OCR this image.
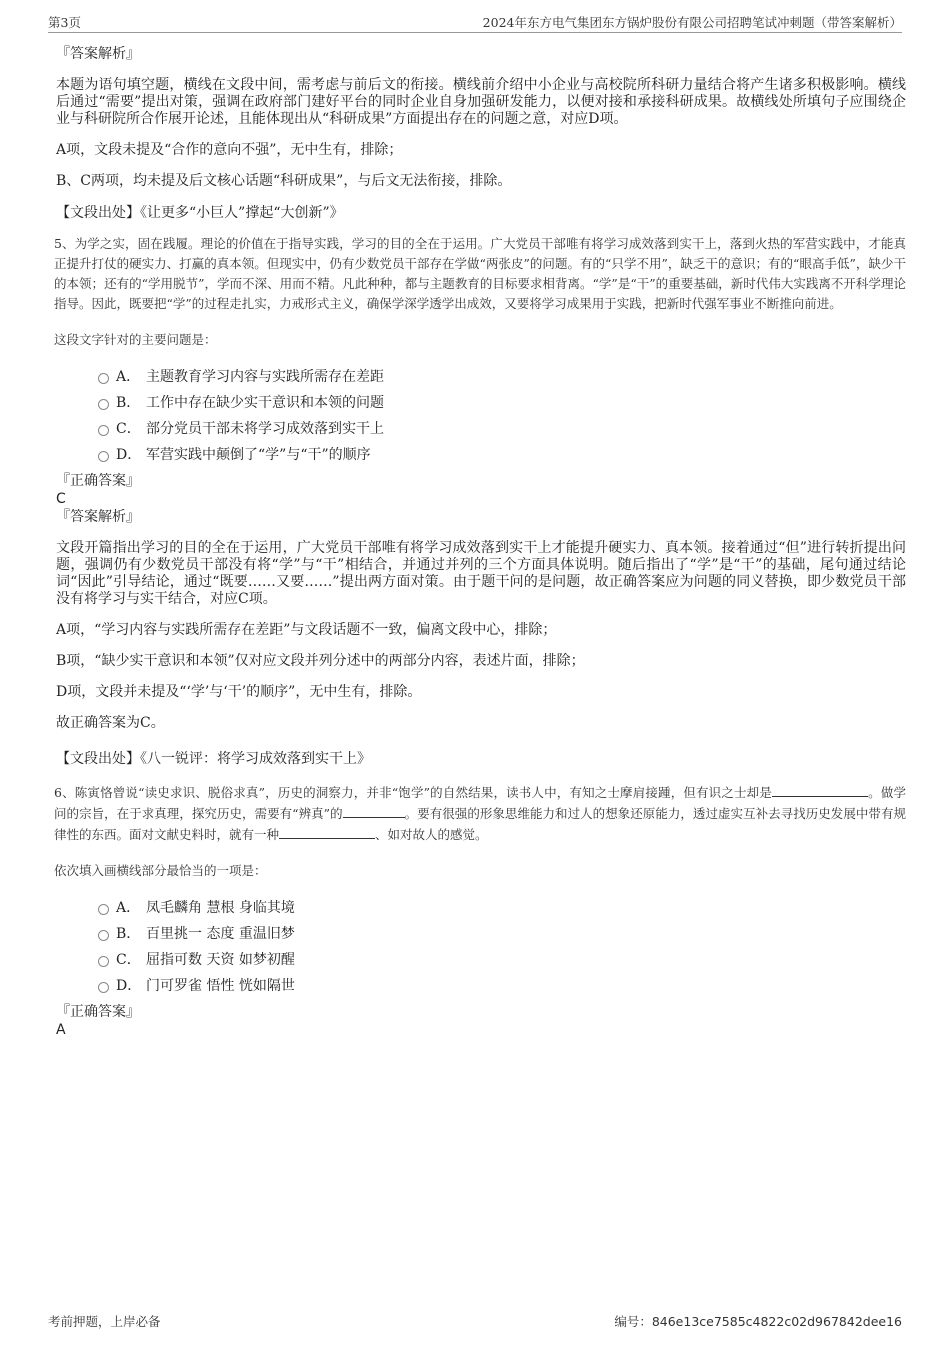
第3页	2024年东方电气集团东方锅炉股份有限公司招聘笔试冲刺题（带答案解析）

『答案解析』

本题为语句填空题，横线在文段中间，需考虑与前后文的衔接。横线前介绍中小企业与高校院所科研力量结合将产生诸多积极影响。横线后通过“需要”提出对策，强调在政府部门建好平台的同时企业自身加强研发能力，以便对接和承接科研成果。故横线处所填句子应围绕企业与科研院所合作展开论述，且能体现出从“科研成果”方面提出存在的问题之意，对应D项。

A项，文段未提及“合作的意向不强”，无中生有，排除；

B、C两项，均未提及后文核心话题“科研成果”，与后文无法衔接，排除。

【文段出处】《让更多“小巨人”撑起“大创新”》

5、为学之实，固在践履。理论的价值在于指导实践，学习的目的全在于运用。广大党员干部唯有将学习成效落到实干上，落到火热的军营实践中，才能真正提升打仗的硬实力、打赢的真本领。但现实中，仍有少数党员干部存在学做“两张皮”的问题。有的“只学不用”，缺乏干的意识；有的“眼高手低”，缺少干的本领；还有的“学用脱节”，学而不深、用而不精。凡此种种，都与主题教育的目标要求相背离。“学”是“干”的重要基础，新时代伟大实践离不开科学理论指导。因此，既要把“学”的过程走扎实，力戒形式主义，确保学深学透学出成效，又要将学习成果用于实践，把新时代强军事业不断推向前进。

这段文字针对的主要问题是：

A． 主题教育学习内容与实践所需存在差距
B． 工作中存在缺少实干意识和本领的问题
C． 部分党员干部未将学习成效落到实干上
D． 军营实践中颠倒了“学”与“干”的顺序

『正确答案』

C

『答案解析』

文段开篇指出学习的目的全在于运用，广大党员干部唯有将学习成效落到实干上才能提升硬实力、真本领。接着通过“但”进行转折提出问题，强调仍有少数党员干部没有将“学”与“干”相结合，并通过并列的三个方面具体说明。随后指出了“学”是“干”的基础，尾句通过结论词“因此”引导结论，通过“既要……又要……”提出两方面对策。由于题干问的是问题，故正确答案应为问题的同义替换，即少数党员干部没有将学习与实干结合，对应C项。

A项，“学习内容与实践所需存在差距”与文段话题不一致，偏离文段中心，排除；

B项，“缺少实干意识和本领”仅对应文段并列分述中的两部分内容，表述片面，排除；

D项，文段并未提及“‘学’与‘干’的顺序”，无中生有，排除。

故正确答案为C。

【文段出处】《八一锐评：将学习成效落到实干上》

6、陈寅恪曾说“读史求识、脱俗求真”，历史的洞察力，并非“饱学”的自然结果，读书人中，有知之士摩肩接踵，但有识之士却是	。做学问的宗旨，在于求真理，探究历史，需要有“辨真”的	。要有很强的形象思维能力和过人的想象还原能力，透过虚实互补去寻找历史发展中带有规律性的东西。面对文献史料时，就有一种	、如对故人的感觉。

依次填入画横线部分最恰当的一项是：

A． 凤毛麟角 慧根 身临其境
B． 百里挑一 态度 重温旧梦
C． 屈指可数 天资 如梦初醒
D． 门可罗雀 悟性 恍如隔世

『正确答案』

A

考前押题，上岸必备	编号：846e13ce7585c4822c02d967842dee16
